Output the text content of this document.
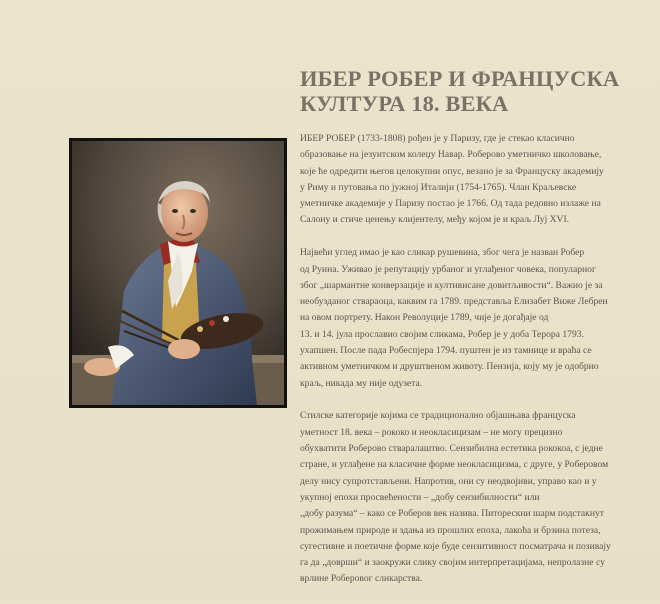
ИБЕР РОБЕР И ФРАНЦУСКА
КУЛТУРА 18. ВЕКА

ИБЕР РОБЕР (1733-1808) рођен је у Паризу, где је стекао класично
образовање на језуитском колеџу Навар. Роберово уметничко школовање,
које ће одредити његов целокупни опус, везано је за Француску академију
у Риму и путовања по јужној Италији (1754-1765). Члан Краљевске
уметничке академије у Паризу постао је 1766. Од тада редовно излаже на
Салону и стиче ценењу клијентелу, међу којом је и краљ Луј XVI.

Највећи углед имао је као сликар рушевина, због чега је назван Робер
од Руина. Уживао је репутацију урбаног и углађеног човека, популарног
због „шармантне конверзације и култивисане довитљивости“. Важио је за
необузданог ствараоца, каквим га 1789. представља Елизабет Виже Лебрен
на овом портрету. Након Револуције 1789, чије је догађаје од
13. и 14. јула прославио својим сликама, Робер је у доба Терора 1793.
ухапшен. После пада Робеспјера 1794. пуштен је из тамнице и враћа се
активном уметничком и друштвеном животу. Пензија, коју му је одобрио
краљ, никада му није одузета.

Стилске категорије којима се традиционално објашњава француска
уметност 18. века – рококо и неокласицизам – не могу прецизно
обухватити Роберово стваралаштво. Сензибилна естетика рококоа, с једне
стране, и углађене на класичне форме неокласицизма, с друге, у Роберовом
делу нису супротстављени. Напротив, они су неодвојиви, управо као и у
укупној епохи просвећености – „добу сензибилности“ или
„добу разума“ – како се Роберов век назива. Питорескни шарм подстакнут
прожимањем природе и здања из прошлих епоха, лакоћа и брзина потеза,
сугестивне и поетичне форме које буде сензитивност посматрача и позивају
га да „доврши“ и заокружи слику својим интерпретацијама, непролазне су
врлине Роберовог сликарства.
